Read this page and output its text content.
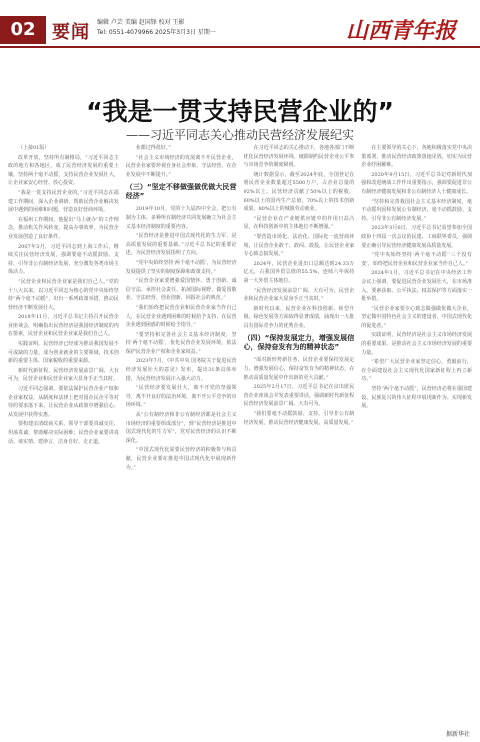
02 要闻 编辑 卢芸 美编 赵国锋 校对 王影
Tel: 0551-4079966 2025年3月3日 星期一	山西青年报
“我是一贯支持民营企业的”
——习近平同志关心推动民营经济发展纪实

（上接01版）

改革开放，坚持所有制格局，“习近平同志主政的地方和各地区，成了民营经济发展的重要土壤。坚持两个毫不动摇，支持民营企业发展壮大，让企业家安心经营、放心投资。

“我是一贯支持民营企业的。”习近平同志在福建工作期间，深入企业调研，帮助民营企业解决发展中遇到的困难和问题，营造良好营商环境。

在福州工作期间，他提出“马上就办”的工作理念，推动机关作风转变，提高办事效率，为民营企业发展创造了良好条件。

2007年3月，习近平同志到上海工作后，继续关注民营经济发展，强调要毫不动摇鼓励、支持、引导非公有制经济发展，充分激发各类市场主体活力。

“民营企业和民营企业家是我们自己人。”党的十八大以来，以习近平同志为核心的党中央始终坚持“两个毫不动摇”，出台一系列政策举措，推动民营经济不断发展壮大。

2018年11月，习近平总书记主持召开民营企业座谈会，明确指出民营经济是我国经济制度的内在要素，民营企业和民营企业家是我们自己人。

实践证明，民营经济已经成为推动我国发展不可或缺的力量，成为创业就业的主要领域、技术创新的重要主体、国家税收的重要来源。

新时代新征程，民营经济发展前景广阔、大有可为，民营企业和民营企业家大显身手正当其时。

习近平同志强调，要依法保护民营企业产权和企业家权益，从制度和法律上把对国企民企平等对待的要求落下来，让民营企业从政策中增强信心、从发展中获得实惠。

要构建亲清政商关系，领导干部要真诚交往、坦荡真诚，帮助解决实际困难；民营企业家要讲真话、谈实情、建诤言，洁身自好、走正道。

业都过得很好。”

“社会主义市场经济的发展离不开民营企业，民营企业家要珍视自身社会形象，守法经营，在企业发展中不断提升。”

（三）“坚定不移做强做优做大民营经济”

2019年10月，党的十九届四中全会，把公有制为主体、多种所有制经济共同发展确立为社会主义基本经济制度的重要内容。

“民营经济是推进中国式现代化的生力军，是高质量发展的重要基础。”习近平总书记的重要论述，为民营经济发展指明了方向。

“党中央始终坚持‘两个毫不动摇’，为民营经济发展提供了坚实的制度保障和政策支持。”

“民营企业家要增强爱国情怀、勇于创新、诚信守法、承担社会责任、拓展国际视野，做爱国敬业、守法经营、创业创新、回报社会的典范。”

“我们始终把民营企业和民营企业家当作自己人，在民营企业遇到困难的时候给予支持，在民营企业遇到困惑的时候给予指导。”

“要坚持和完善社会主义基本经济制度，坚持‘两个毫不动摇’，优化民营企业发展环境，依法保护民营企业产权和企业家权益。”

2023年7月，《中共中央 国务院关于促进民营经济发展壮大的意见》发布，提出31条具体举措，为民营经济发展注入强大动力。

“民营经济要发展壮大，离不开党的坚强领导，离不开良好的法治环境，离不开公平竞争的市场环境。”

从“公有制经济和非公有制经济都是社会主义市场经济的重要组成部分”，到“民营经济是推进中国式现代化的生力军”，党对民营经济的认识不断深化。

“中国式现代化需要民营经济的积极参与和贡献，民营企业要在推进中国式现代化中展现新作为。”

在习近平同志的关心推动下，各地各部门不断优化民营经济发展环境，破除制约民营企业公平参与市场竞争的制度障碍。

统计数据显示，截至2024年底，全国登记在册民营企业数量超过5500万户，占企业总量的92%以上。民营经济贡献了50%以上的税收，60%以上的国内生产总值，70%以上的技术创新成果，80%以上的城镇劳动就业。

“民营企业在产业链供应链中的作用日益凸显，在科技创新中的主体地位不断增强。”

“要营造市场化、法治化、国际化一流营商环境，让民营企业敢干、敢闯、敢投，让民营企业家专心致志搞发展。”

2024年，民营企业进出口总额达到24.33万亿元，占我国外贸总值的55.5%，连续六年保持第一大外贸主体地位。

“民营经济发展前景广阔、大有可为，民营企业和民营企业家大显身手正当其时。”

新时代以来，民营企业在科技创新、转型升级、绿色发展等方面取得显著成绩，涌现出一大批具有国际竞争力的优秀企业。

（四）“保持发展定力，增强发展信心，保持奋发有为的精神状态”

“面对新形势新任务，民营企业要保持发展定力，增强发展信心，保持奋发有为的精神状态，在推动高质量发展中作出新的更大贡献。”

2025年2月17日，习近平总书记在京出席民营企业座谈会并发表重要讲话，强调新时代新征程民营经济发展前景广阔、大有可为。

“我们要毫不动摇鼓励、支持、引导非公有制经济发展，推动民营经济健康发展、高质量发展。”

在主要领导的关心下，各地积极落实党中央决策部署，推动民营经济政策落地见效，切实为民营企业纾困解难。

2020年9月15日，习近平总书记对新时代加强和改进统战工作作出重要指示，强调要促进非公有制经济健康发展和非公有制经济人士健康成长。

“坚持和完善我国社会主义基本经济制度，毫不动摇巩固和发展公有制经济，毫不动摇鼓励、支持、引导非公有制经济发展。”

2023年3月6日，习近平总书记看望参加全国政协十四届一次会议的民建、工商联界委员，强调要正确引导民营经济健康发展高质量发展。

“党中央始终坚持‘两个毫不动摇’‘三个没有变’，始终把民营企业和民营企业家当作自己人。”

2024年1月，习近平总书记在中央经济工作会议上强调，要促进民营企业发展壮大，在市场准入、要素获取、公平执法、权益保护等方面落实一批举措。

“民营企业家要专心致志做强做优做大企业，坚定做中国特色社会主义的建设者、中国式现代化的促进者。”

实践证明，民营经济是社会主义市场经济发展的重要成果，是推动社会主义市场经济发展的重要力量。

“希望广大民营企业家坚定信心，勇毅前行，在全面建设社会主义现代化国家新征程上再立新功。”

坚持“两个毫不动摇”，民营经济必将在强国建设、民族复兴的伟大征程中展现新作为、实现新发展。

据新华社
